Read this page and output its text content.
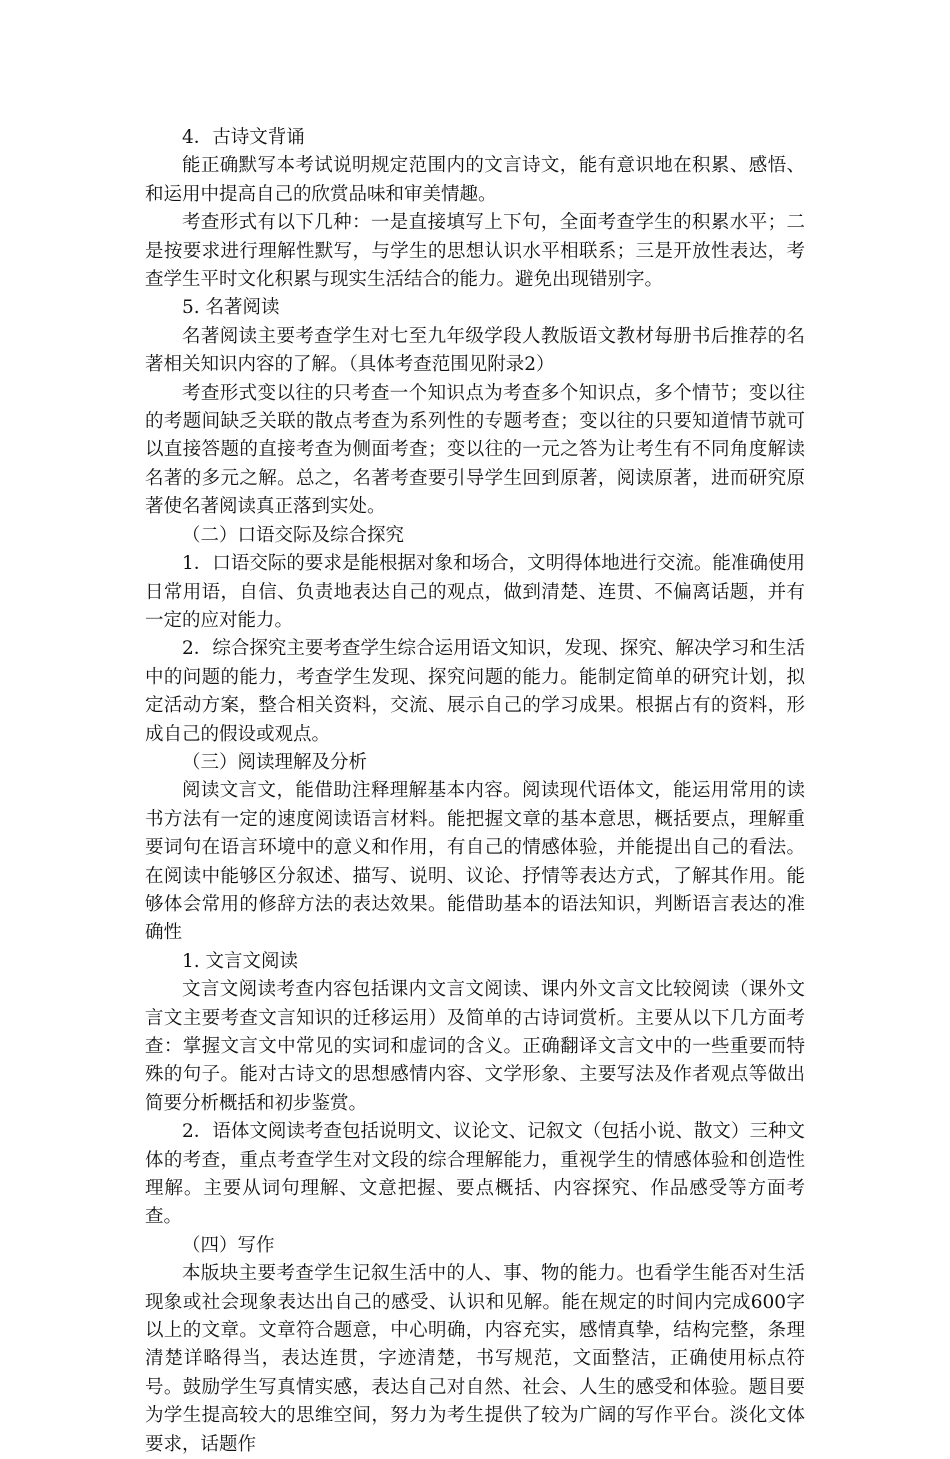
4．古诗文背诵

能正确默写本考试说明规定范围内的文言诗文，能有意识地在积累、感悟、和运用中提高自己的欣赏品味和审美情趣。

考查形式有以下几种：一是直接填写上下句，全面考查学生的积累水平；二是按要求进行理解性默写，与学生的思想认识水平相联系；三是开放性表达，考查学生平时文化积累与现实生活结合的能力。避免出现错别字。

5. 名著阅读

名著阅读主要考查学生对七至九年级学段人教版语文教材每册书后推荐的名著相关知识内容的了解。（具体考查范围见附录2）

考查形式变以往的只考查一个知识点为考查多个知识点，多个情节；变以往的考题间缺乏关联的散点考查为系列性的专题考查；变以往的只要知道情节就可以直接答题的直接考查为侧面考查；变以往的一元之答为让考生有不同角度解读名著的多元之解。总之，名著考查要引导学生回到原著，阅读原著，进而研究原著使名著阅读真正落到实处。

（二）口语交际及综合探究

1．口语交际的要求是能根据对象和场合，文明得体地进行交流。能准确使用日常用语，自信、负责地表达自己的观点，做到清楚、连贯、不偏离话题，并有一定的应对能力。

2．综合探究主要考查学生综合运用语文知识，发现、探究、解决学习和生活中的问题的能力，考查学生发现、探究问题的能力。能制定简单的研究计划，拟定活动方案，整合相关资料，交流、展示自己的学习成果。根据占有的资料，形成自己的假设或观点。

（三）阅读理解及分析

阅读文言文，能借助注释理解基本内容。阅读现代语体文，能运用常用的读书方法有一定的速度阅读语言材料。能把握文章的基本意思，概括要点，理解重要词句在语言环境中的意义和作用，有自己的情感体验，并能提出自己的看法。在阅读中能够区分叙述、描写、说明、议论、抒情等表达方式，了解其作用。能够体会常用的修辞方法的表达效果。能借助基本的语法知识，判断语言表达的准确性

1. 文言文阅读

文言文阅读考查内容包括课内文言文阅读、课内外文言文比较阅读（课外文言文主要考查文言知识的迁移运用）及简单的古诗词赏析。主要从以下几方面考查：掌握文言文中常见的实词和虚词的含义。正确翻译文言文中的一些重要而特殊的句子。能对古诗文的思想感情内容、文学形象、主要写法及作者观点等做出简要分析概括和初步鉴赏。

2．语体文阅读考查包括说明文、议论文、记叙文（包括小说、散文）三种文体的考查，重点考查学生对文段的综合理解能力，重视学生的情感体验和创造性理解。主要从词句理解、文意把握、要点概括、内容探究、作品感受等方面考查。

（四）写作

本版块主要考查学生记叙生活中的人、事、物的能力。也看学生能否对生活现象或社会现象表达出自己的感受、认识和见解。能在规定的时间内完成600字以上的文章。文章符合题意，中心明确，内容充实，感情真挚，结构完整，条理清楚详略得当，表达连贯，字迹清楚，书写规范，文面整洁，正确使用标点符号。鼓励学生写真情实感，表达自己对自然、社会、人生的感受和体验。题目要为学生提高较大的思维空间，努力为考生提供了较为广阔的写作平台。淡化文体要求，话题作
